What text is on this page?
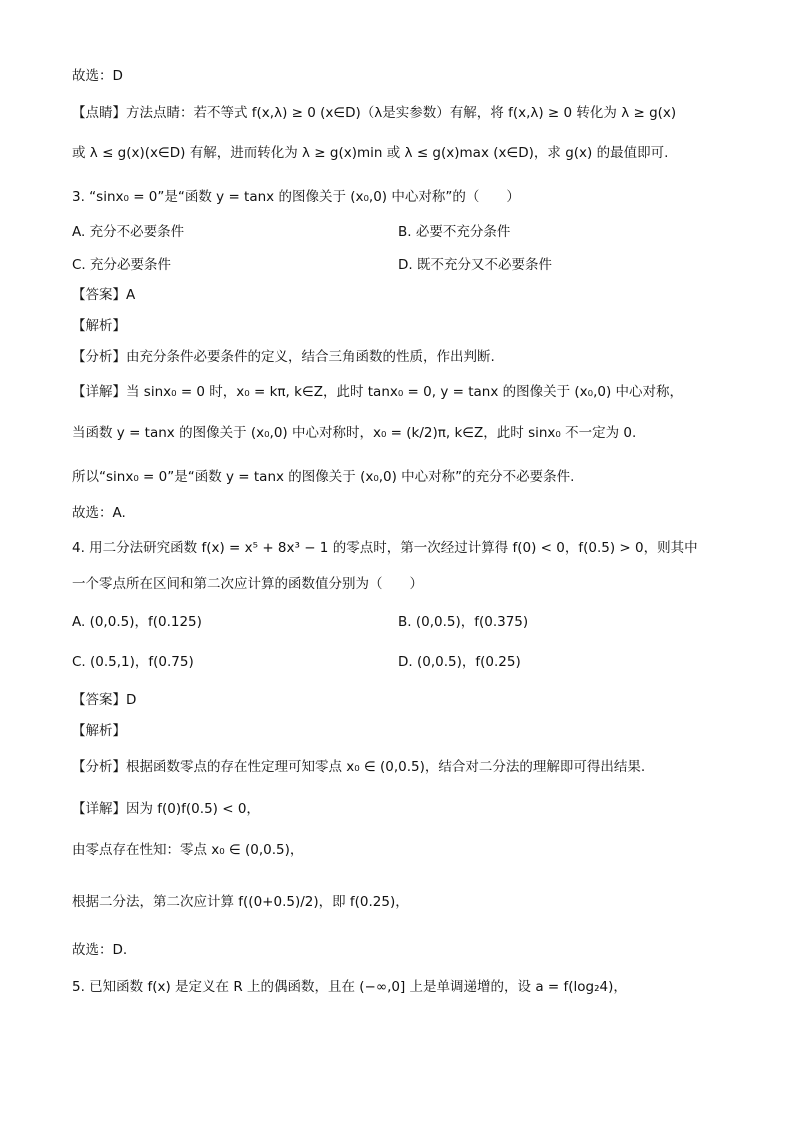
故选：D
【点睛】方法点睛：若不等式 f(x,λ) ≥ 0 (x∈D)（λ是实参数）有解，将 f(x,λ) ≥ 0 转化为 λ ≥ g(x)
或 λ ≤ g(x)(x∈D) 有解，进而转化为 λ ≥ g(x)min 或 λ ≤ g(x)max (x∈D)，求 g(x) 的最值即可.
3. “sinx₀ = 0”是“函数 y = tanx 的图像关于 (x₀,0) 中心对称”的（　　）
A. 充分不必要条件	B. 必要不充分条件
C. 充分必要条件	D. 既不充分又不必要条件
【答案】A
【解析】
【分析】由充分条件必要条件的定义，结合三角函数的性质，作出判断.
【详解】当 sinx₀ = 0 时，x₀ = kπ, k∈Z，此时 tanx₀ = 0, y = tanx 的图像关于 (x₀,0) 中心对称，
当函数 y = tanx 的图像关于 (x₀,0) 中心对称时，x₀ = (k/2)π, k∈Z，此时 sinx₀ 不一定为 0.
所以“sinx₀ = 0”是“函数 y = tanx 的图像关于 (x₀,0) 中心对称”的充分不必要条件.
故选：A.
4. 用二分法研究函数 f(x) = x⁵ + 8x³ − 1 的零点时，第一次经过计算得 f(0) < 0，f(0.5) > 0，则其中
一个零点所在区间和第二次应计算的函数值分别为（　　）
A. (0,0.5)，f(0.125)	B. (0,0.5)，f(0.375)
C. (0.5,1)，f(0.75)	D. (0,0.5)，f(0.25)
【答案】D
【解析】
【分析】根据函数零点的存在性定理可知零点 x₀ ∈ (0,0.5)，结合对二分法的理解即可得出结果.
【详解】因为 f(0)f(0.5) < 0，
由零点存在性知：零点 x₀ ∈ (0,0.5)，
根据二分法，第二次应计算 f((0+0.5)/2)，即 f(0.25)，
故选：D.
5. 已知函数 f(x) 是定义在 R 上的偶函数，且在 (−∞,0] 上是单调递增的，设 a = f(log₂4)，
